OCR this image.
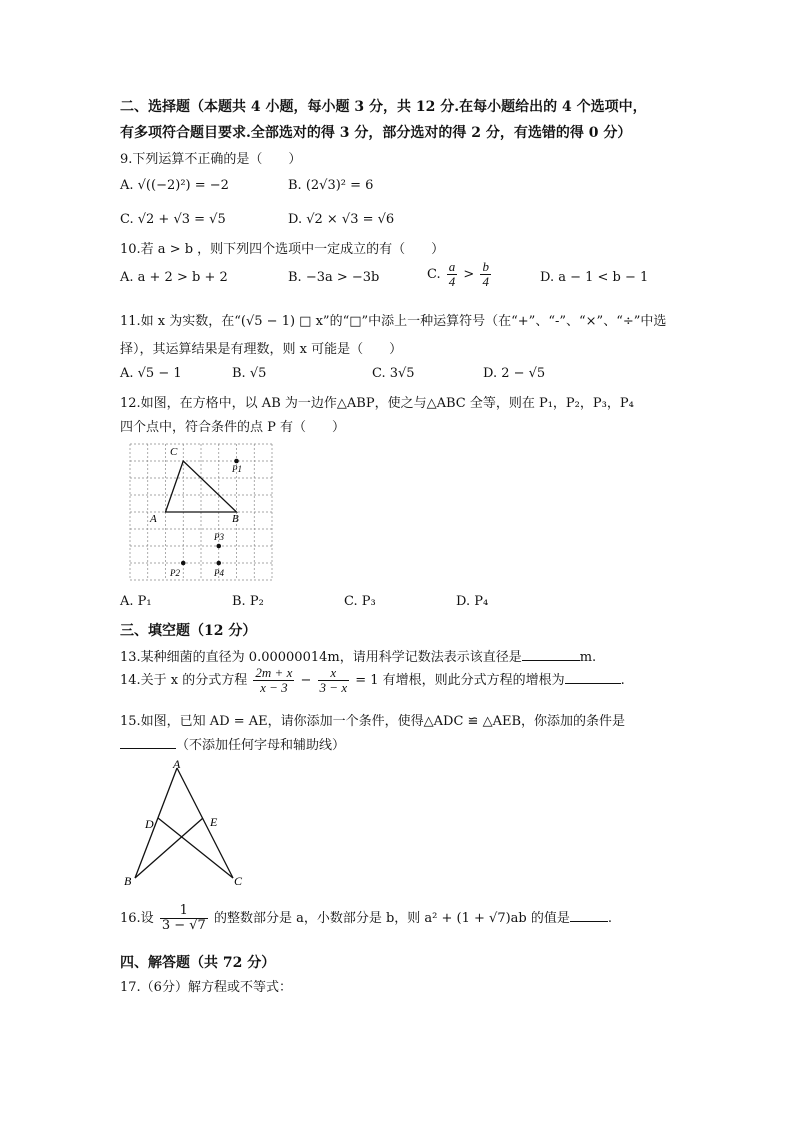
二、选择题（本题共 4 小题，每小题 3 分，共 12 分.在每小题给出的 4 个选项中，
有多项符合题目要求.全部选对的得 3 分，部分选对的得 2 分，有选错的得 0 分）
9.下列运算不正确的是（　　）
A. √((−2)²) = −2	B. (2√3)² = 6
C. √2 + √3 = √5	D. √2 × √3 = √6
10.若 a > b ，则下列四个选项中一定成立的有（　　）
A. a + 2 > b + 2	B. −3a > −3b	C. $\frac{a}{4} > \frac{b}{4}$	D. a − 1 < b − 1
11.如 x 为实数，在“(√5 − 1) □ x”的“□”中添上一种运算符号（在“+”、“-”、“×”、“÷”中选
择），其运算结果是有理数，则 x 可能是（　　）
A. √5 − 1	B. √5	C. 3√5	D. 2 − √5
12.如图，在方格中，以 AB 为一边作△ABP，使之与△ABC 全等，则在 P₁，P₂，P₃，P₄
四个点中，符合条件的点 P 有（　　）
C
A	B
P1
P3
P2	P4
A. P₁	B. P₂	C. P₃	D. P₄
三、填空题（12 分）
13.某种细菌的直径为 0.00000014m，请用科学记数法表示该直径是	m.
14.关于 x 的分式方程 $\frac{2m + x}{x - 3} - \frac{x}{3 - x} = 1$ 有增根，则此分式方程的增根为	.
15.如图，已知 AD = AE，请你添加一个条件，使得△ADC ≌ △AEB，你添加的条件是
（不添加任何字母和辅助线）
A
D	E
B	C
16.设 $\frac{1}{3 - √7}$ 的整数部分是 a，小数部分是 b，则 a² + (1 + √7)ab 的值是	.
四、解答题（共 72 分）
17.（6分）解方程或不等式：
